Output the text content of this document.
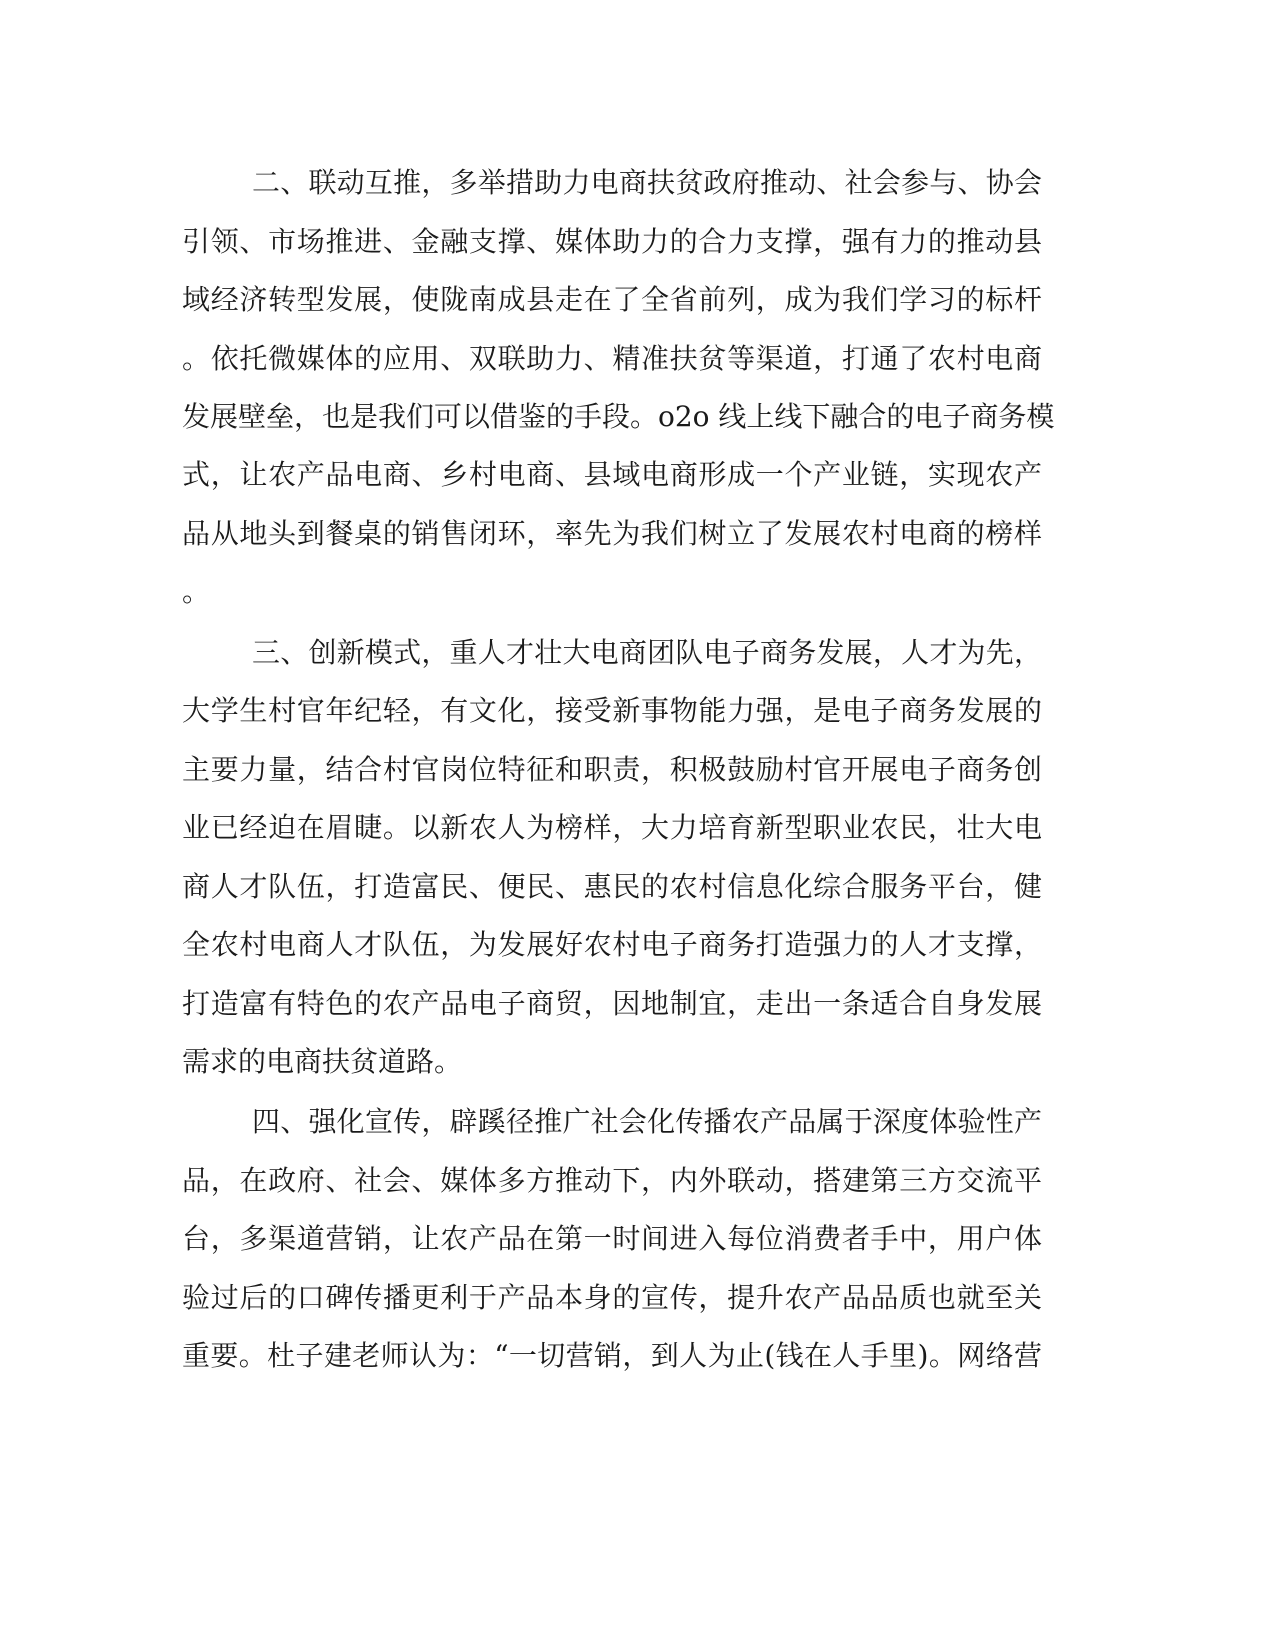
二、联动互推，多举措助力电商扶贫政府推动、社会参与、协会
引领、市场推进、金融支撑、媒体助力的合力支撑，强有力的推动县
域经济转型发展，使陇南成县走在了全省前列，成为我们学习的标杆
。依托微媒体的应用、双联助力、精准扶贫等渠道，打通了农村电商
发展壁垒，也是我们可以借鉴的手段。o2o 线上线下融合的电子商务模
式，让农产品电商、乡村电商、县域电商形成一个产业链，实现农产
品从地头到餐桌的销售闭环，率先为我们树立了发展农村电商的榜样
。
三、创新模式，重人才壮大电商团队电子商务发展，人才为先，
大学生村官年纪轻，有文化，接受新事物能力强，是电子商务发展的
主要力量，结合村官岗位特征和职责，积极鼓励村官开展电子商务创
业已经迫在眉睫。以新农人为榜样，大力培育新型职业农民，壮大电
商人才队伍，打造富民、便民、惠民的农村信息化综合服务平台，健
全农村电商人才队伍，为发展好农村电子商务打造强力的人才支撑，
打造富有特色的农产品电子商贸，因地制宜，走出一条适合自身发展
需求的电商扶贫道路。
四、强化宣传，辟蹊径推广社会化传播农产品属于深度体验性产
品，在政府、社会、媒体多方推动下，内外联动，搭建第三方交流平
台，多渠道营销，让农产品在第一时间进入每位消费者手中，用户体
验过后的口碑传播更利于产品本身的宣传，提升农产品品质也就至关
重要。杜子建老师认为：“一切营销，到人为止(钱在人手里)。网络营
